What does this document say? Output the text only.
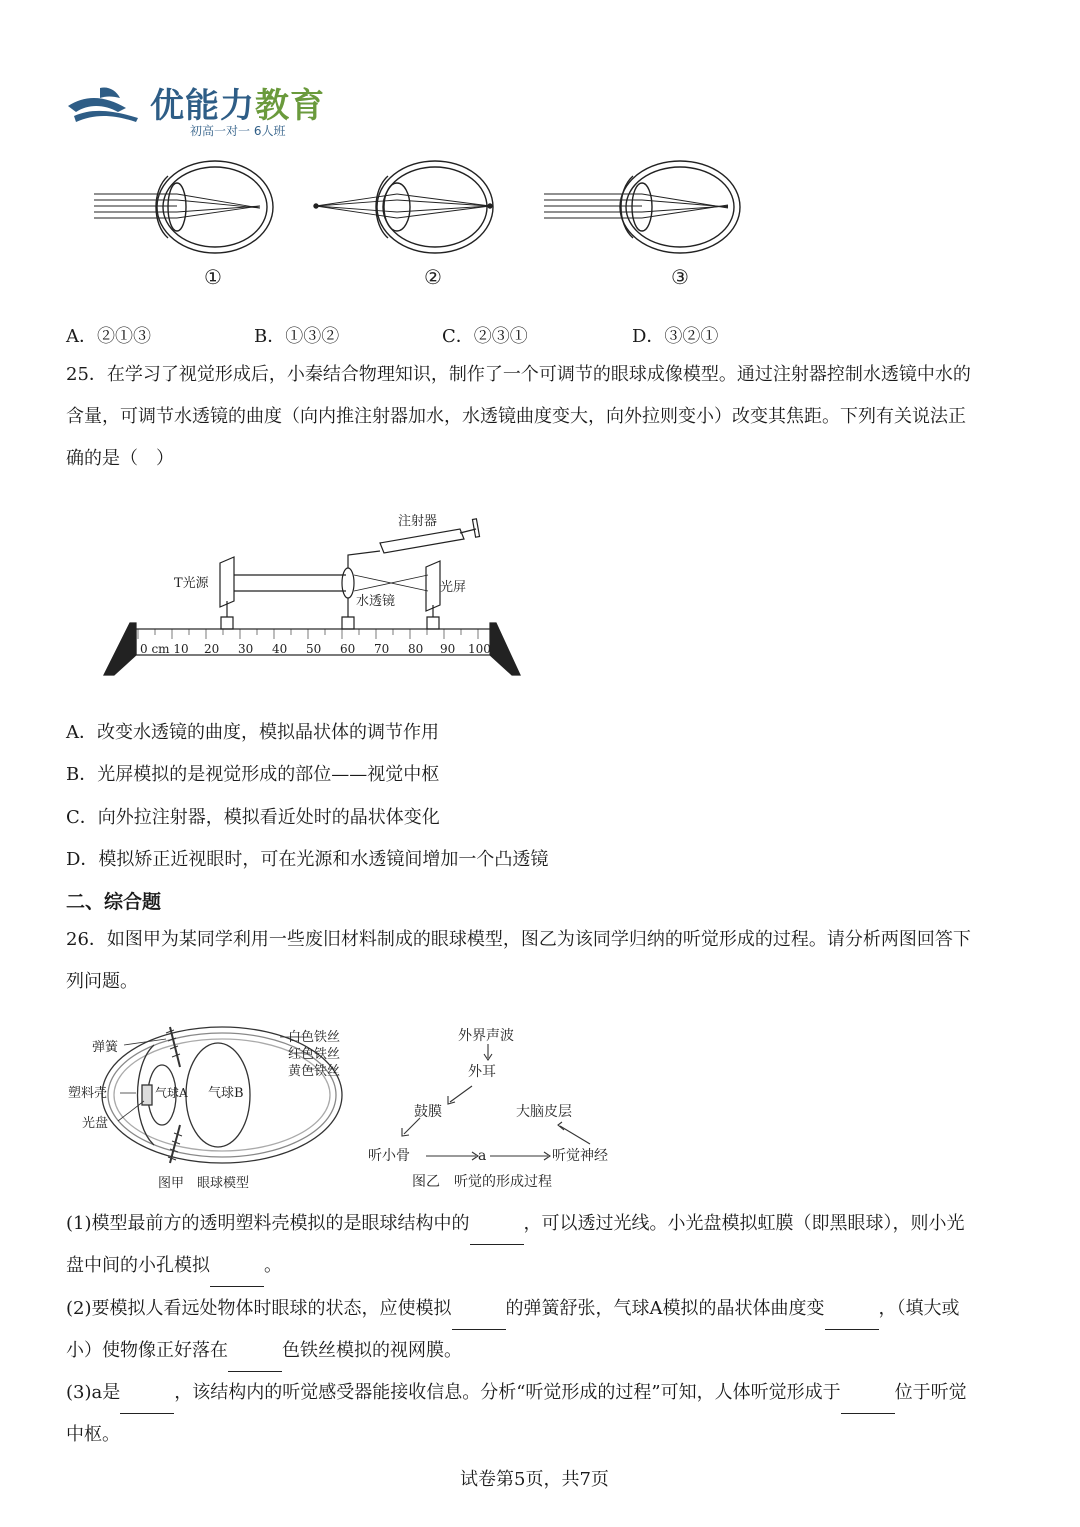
优能力教育
初高一对一 6人班
①	②	③
A．②①③	B．①③②	C．②③①	D．③②①
25．在学习了视觉形成后，小秦结合物理知识，制作了一个可调节的眼球成像模型。通过注射器控制水透镜中水的
含量，可调节水透镜的曲度（向内推注射器加水，水透镜曲度变大，向外拉则变小）改变其焦距。下列有关说法正
确的是（　）
注射器
T光源	光屏
水透镜
0 cm 10 20 30 40 50 60 70 80 90 100
A．改变水透镜的曲度，模拟晶状体的调节作用
B．光屏模拟的是视觉形成的部位——视觉中枢
C．向外拉注射器，模拟看近处时的晶状体变化
D．模拟矫正近视眼时，可在光源和水透镜间增加一个凸透镜
二、综合题
26．如图甲为某同学利用一些废旧材料制成的眼球模型，图乙为该同学归纳的听觉形成的过程。请分析两图回答下
列问题。
弹簧
塑料壳
光盘
白色铁丝
红色铁丝
黄色铁丝
气球A 气球B
图甲　眼球模型
外界声波
外耳
鼓膜	大脑皮层
听小骨	a	听觉神经
图乙　听觉的形成过程
(1)模型最前方的透明塑料壳模拟的是眼球结构中的	，可以透过光线。小光盘模拟虹膜（即黑眼球），则小光
盘中间的小孔模拟	。
(2)要模拟人看远处物体时眼球的状态，应使模拟	的弹簧舒张，气球A模拟的晶状体曲度变	，（填大或
小）使物像正好落在	色铁丝模拟的视网膜。
(3)a是	，该结构内的听觉感受器能接收信息。分析“听觉形成的过程”可知，人体听觉形成于	位于听觉
中枢。
试卷第5页，共7页
